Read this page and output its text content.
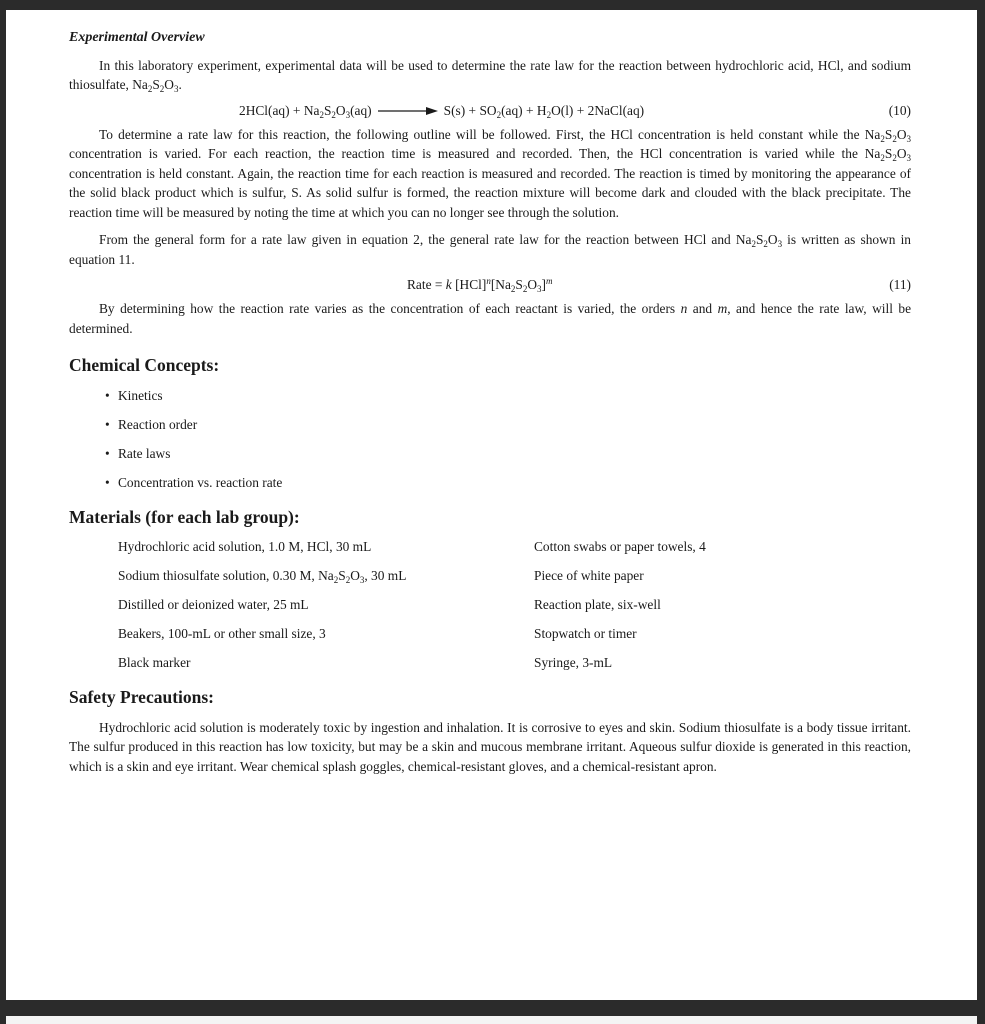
Experimental Overview

In this laboratory experiment, experimental data will be used to determine the rate law for the reaction between hydrochloric acid, HCl, and sodium thiosulfate, $Na_2S_2O_3$.

$2HCl(aq) + Na_2S_2O_3(aq)$	$S(s) + SO_2(aq) + H_2O(l)$ + 2NaCl(aq)	(10)

To determine a rate law for this reaction, the following outline will be followed. First, the HCl concentration is held constant while the $Na_2S_2O_3$ concentration is varied. For each reaction, the reaction time is measured and recorded. Then, the HCl concentration is varied while the $Na_2S_2O_3$ concentration is held constant. Again, the reaction time for each reaction is measured and recorded. The reaction is timed by monitoring the appearance of the solid black product which is sulfur, S. As solid sulfur is formed, the reaction mixture will become dark and clouded with the black precipitate. The reaction time will be measured by noting the time at which you can no longer see through the solution.

From the general form for a rate law given in equation 2, the general rate law for the reaction between HCl and $Na_2S_2O_3$ is written as shown in equation 11.

Rate = k $[HCl]^n[Na_2S_2O_3]^m$	(11)

By determining how the reaction rate varies as the concentration of each reactant is varied, the orders n and m, and hence the rate law, will be determined.

Chemical Concepts:
• Kinetics
• Reaction order
• Rate laws
• Concentration vs. reaction rate
Materials (for each lab group):
Hydrochloric acid solution, 1.0 M, HCl, 30 mL	Cotton swabs or paper towels, 4
Sodium thiosulfate solution, 0.30 M, $Na_2S_2O_3$, 30 mL	Piece of white paper
Distilled or deionized water, 25 mL	Reaction plate, six-well
Beakers, 100-mL or other small size, 3	Stopwatch or timer
Black marker	Syringe, 3-mL
Safety Precautions:

Hydrochloric acid solution is moderately toxic by ingestion and inhalation. It is corrosive to eyes and skin. Sodium thiosulfate is a body tissue irritant. The sulfur produced in this reaction has low toxicity, but may be a skin and mucous membrane irritant. Aqueous sulfur dioxide is generated in this reaction, which is a skin and eye irritant. Wear chemical splash goggles, chemical-resistant gloves, and a chemical-resistant apron.
